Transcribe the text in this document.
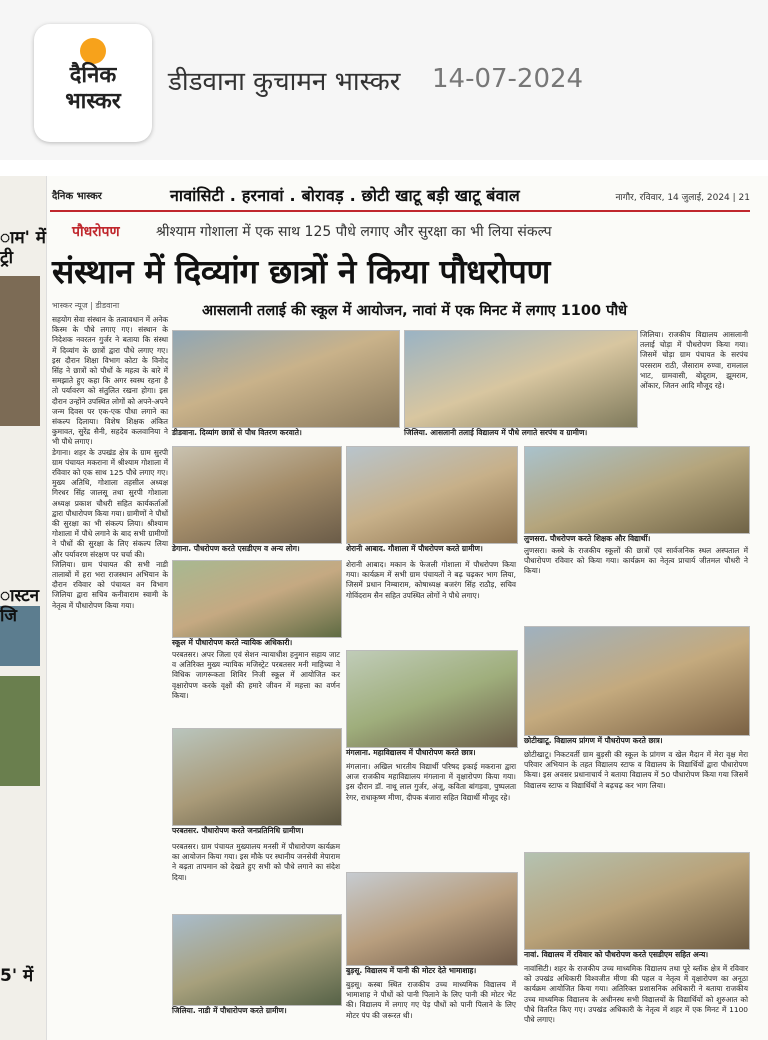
दैनिक
भास्कर
डीडवाना कुचामन भास्कर 14-07-2024
ाम' में ट्री
ास्टन जि
5' में
दैनिक भास्कर	नावांसिटी . हरनावां . बोरावड़ . छोटी खाटू बड़ी खाटू बंवाल	नागौर, रविवार, 14 जुलाई, 2024 | 21
पौधरोपण	श्रीश्याम गोशाला में एक साथ 125 पौधे लगाए और सुरक्षा का भी लिया संकल्प
संस्थान में दिव्यांग छात्रों ने किया पौधरोपण
भास्कर न्यूज | डीडवाना
सहयोग सेवा संस्थान के तत्वावधान में अनेक किस्म के पौधे लगाए गए। संस्थान के निदेशक नवरतन गुर्जर ने बताया कि संस्था में दिव्यांग के छात्रों द्वारा पौधे लगाए गए। इस दौरान शिक्षा विभाग कोटा के विनोद सिंह ने छात्रों को पौधों के महत्व के बारे में समझाते हुए कहा कि अगर स्वस्थ रहना है तो पर्यावरण को संतुलित रखना होगा। इस दौरान उन्होंने उपस्थित लोगों को अपने-अपने जन्म दिवस पर एक-एक पौधा लगाने का संकल्प दिलाया। विशेष शिक्षक अंकित कुमावत, सुरेंद्र सैनी, सहदेव कलवानिया ने भी पौधे लगाए।
डेगाना। शहर के उपखंड क्षेत्र के ग्राम सुरपी ग्राम पंचायत मकराना में श्रीश्याम गोशाला में रविवार को एक साथ 125 पौधे लगाए गए। मुख्य अतिथि, गोशाला तहसील अध्यक्ष गिरधर सिंह जालसू तथा सुरपी गोशाला अध्यक्ष प्रकाश चौधरी सहित कार्यकर्ताओं द्वारा पौधारोपण किया गया। ग्रामीणों ने पौधों की सुरक्षा का भी संकल्प लिया। श्रीश्याम गोशाला में पौधे लगाने के बाद सभी ग्रामीणों ने पौधों की सुरक्षा के लिए संकल्प लिया और पर्यावरण संरक्षण पर चर्चा की।
जिलिया। ग्राम पंचायत की सभी नाडी तालाबों में हरा भरा राजस्थान अभियान के दौरान रविवार को पंचायत वन विभाग जिलिया द्वारा सचिव कनीवाराम स्वामी के नेतृत्व में पौधारोपण किया गया।
आसलानी तलाई की स्कूल में आयोजन, नावां में एक मिनट में लगाए 1100 पौधे
डीडवाना. दिव्यांग छात्रों से पौध वितरण करवाते।	जिलिया. आसलानी तलाई विद्यालय में पौधे लगाते सरपंच व ग्रामीण।
जिलिया। राजकीय विद्यालय आसलानी तलाई चोड़ा में पौधरोपण किया गया। जिसमें चोड़ा ग्राम पंचायत के सरपंच परसराम राठी, जैसाराम रुण्वा, रामलाल भाट, ग्रामवासी, बोदूराम, झूमराम, ओंकार, जितन आदि मौजूद रहे।
डेगाना. पौधरोपण करते एसडीएम व अन्य लोग।	शेरानी आबाद. गौशाला में पौधरोपण करते ग्रामीण।
लुणसरा. पौधरोपण करते शिक्षक और विद्यार्थी।
स्कूल में पौधारोपण करते न्यायिक अधिकारी।
शेरानी आबाद। मकान के फेजली गोशाला में पौधरोपण किया गया। कार्यक्रम में सभी ग्राम पंचायतों ने बढ़ चढ़कर भाग लिया, जिसमें प्रधान निम्बाराम, कोषाध्यक्ष बजरंग सिंह राठौड़, सचिव गोविंदराम सैन सहित उपस्थित लोगों ने पौधे लगाए।
लुणसरा। कस्बे के राजकीय स्कूलों की छात्रों एवं सार्वजनिक स्थल अस्पताल में पौधारोपण रविवार को किया गया। कार्यक्रम का नेतृत्व प्राचार्य जीतमल चौधरी ने किया।
परबतसर। अपर जिला एवं सेशन न्यायाधीश हनुमान सहाय जाट व अतिरिक्त मुख्य न्यायिक मजिस्ट्रेट परबतसर मनी माहिच्या ने विधिक जागरूकता शिविर निजी स्कूल में आयोजित कर वृक्षारोपण करके वृक्षों की हमारे जीवन में महत्ता का वर्णन किया।
मंगलाना. महाविद्यालय में पौधारोपण करते छात्र।
छोटीखाटू. विद्यालय प्रांगण में पौधरोपण करते छात्र।
परबतसर. पौधारोपण करते जनप्रतिनिधि ग्रामीण।
मंगलाना। अखिल भारतीय विद्यार्थी परिषद इकाई मकराना द्वारा आज राजकीय महाविद्यालय मंगलाना में वृक्षारोपण किया गया। इस दौरान डॉ. नाथू लाल गुर्जर, अंजू, कविता बांगड़वा, पुष्पलता रेगर, राधाकृष्ण मीणा, दीपक बंजारा सहित विद्यार्थी मौजूद रहे।
छोटीखाटू। निकटवर्ती ग्राम बुड़सी की स्कूल के प्रांगण व खेल मैदान में मेरा वृक्ष मेरा परिवार अभियान के तहत विद्यालय स्टाफ व विद्यालय के विद्यार्थियों द्वारा पौधारोपण किया। इस अवसर प्रधानाचार्य ने बताया विद्यालय में 50 पौधारोपण किया गया जिसमें विद्यालय स्टाफ व विद्यार्थियों ने बढ़चढ़ कर भाग लिया।
परबतसर। ग्राम पंचायत मुख्यालय मनसी में पौधारोपण कार्यक्रम का आयोजन किया गया। इस मौके पर स्थानीय जनसेवी मेपाराम ने बढ़ता तापमान को देखते हुए सभी को पौधे लगाने का संदेश दिया।
बुड़सू. विद्यालय में पानी की मोटर देते भामाशाह।
नावां. विद्यालय में रविवार को पौधरोपण करते एसडीएम सहित अन्य।
जिलिया. नाडी में पौधारोपण करते ग्रामीण।
बुड़सू। कस्बा स्थित राजकीय उच्च माध्यमिक विद्यालय में भामाशाह ने पौधों को पानी पिलाने के लिए पानी की मोटर भेंट की। विद्यालय में लगाए गए पेड़ पौधों को पानी पिलाने के लिए मोटर पंप की जरूरत थी।
नावांसिटी। शहर के राजकीय उच्च माध्यमिक विद्यालय तथा पूरे ब्लॉक क्षेत्र में रविवार को उपखंड अधिकारी विश्वजीत मीणा की पहल व नेतृत्व में वृक्षारोपण का अनूठा कार्यक्रम आयोजित किया गया। अतिरिक्त प्रशासनिक अधिकारी ने बताया राजकीय उच्च माध्यमिक विद्यालय के अधीनस्थ सभी विद्यालयों के विद्यार्थियों को शुरुआत को पौधे वितरित किए गए। उपखंड अधिकारी के नेतृत्व में शहर में एक मिनट में 1100 पौधे लगाए।
